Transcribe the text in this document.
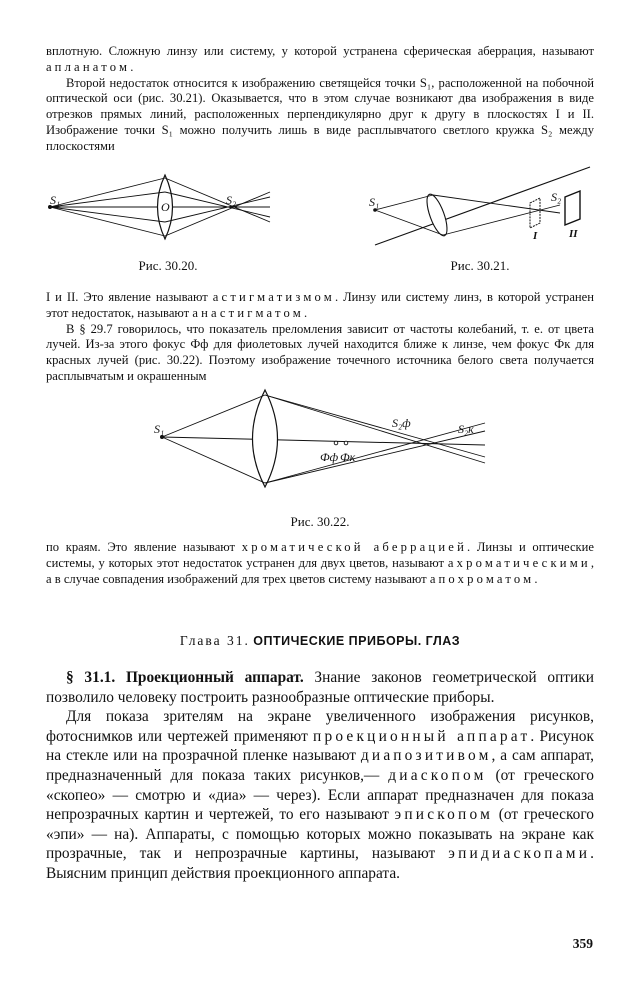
вплотную. Сложную линзу или систему, у которой устранена сферическая аберрация, называют апланатом.

Второй недостаток относится к изображению светящейся точки S₁, расположенной на побочной оптической оси (рис. 30.21). Оказывается, что в этом случае возникают два изображения в виде отрезков прямых линий, расположенных перпендикулярно друг к другу в плоскостях I и II. Изображение точки S₁ можно получить лишь в виде расплывчатого светлого кружка S₂ между плоскостями

S₁	O	S₂
Рис. 30.20.
S₁	S₂
I	II
Рис. 30.21.

I и II. Это явление называют астигматизмом. Линзу или систему линз, в которой устранен этот недостаток, называют анастигматом.

В § 29.7 говорилось, что показатель преломления зависит от частоты колебаний, т. е. от цвета лучей. Из-за этого фокус Фф для фиолетовых лучей находится ближе к линзе, чем фокус Фк для красных лучей (рис. 30.22). Поэтому изображение точечного источника белого света получается расплывчатым и окрашенным

S₁	S₂ф	S₂к
Фф Фк
Рис. 30.22.

по краям. Это явление называют хроматической аберрацией. Линзы и оптические системы, у которых этот недостаток устранен для двух цветов, называют ахроматическими, а в случае совпадения изображений для трех цветов систему называют апохроматом.

Глава 31. ОПТИЧЕСКИЕ ПРИБОРЫ. ГЛАЗ

§ 31.1. Проекционный аппарат. Знание законов геометрической оптики позволило человеку построить разнообразные оптические приборы.

Для показа зрителям на экране увеличенного изображения рисунков, фотоснимков или чертежей применяют проекционный аппарат. Рисунок на стекле или на прозрачной пленке называют диапозитивом, а сам аппарат, предназначенный для показа таких рисунков,— диаскопом (от греческого «скопео» — смотрю и «диа» — через). Если аппарат предназначен для показа непрозрачных картин и чертежей, то его называют эпископом (от греческого «эпи» — на). Аппараты, с помощью которых можно показывать на экране как прозрачные, так и непрозрачные картины, называют эпидиаскопами. Выясним принцип действия проекционного аппарата.

359
